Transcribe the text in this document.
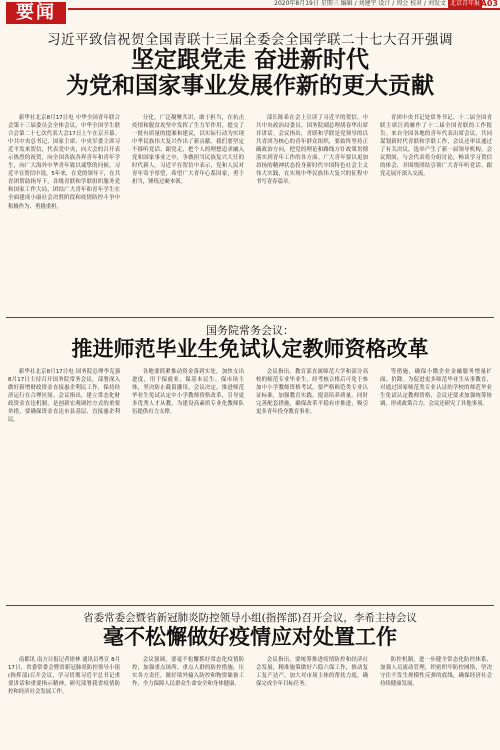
要闻	2020年8月19日 星期三 编辑 / 刘建宇 设计 / 周会 校对 / 刘发文 北京青年报 A03
习近平致信祝贺全国青联十三届全委会全国学联二十七大召开强调
坚定跟党走 奋进新时代
为党和国家事业发展作新的更大贡献

新华社北京8月17日电 中华全国青年联合会第十三届委员会全体会议、中华全国学生联合会第二十七次代表大会17日上午在京开幕。中共中央总书记、国家主席、中央军委主席习近平发来贺信，代表党中央，向大会的召开表示热烈的祝贺，向全国各族各界青年和青年学生，向广大海外中华青年致以诚挚的问候。习近平在贺信中说，5年来，在党的领导下，在共青团帮助指导下，各级青联和学联组织服务党和国家工作大局，团结广大青年和青年学生在全面建成小康社会决胜阶段和疫情防控斗争中积极作为、勇挑重担。

分化，广泛凝聚共识，敢于担当，在抗击疫情和脱贫攻坚中发挥了生力军作用，提交了一批有质量的提案和建议，以实际行动为实现中华民族伟大复兴作出了新贡献。我们要坚定不移听党话、跟党走，把个人的理想追求融入党和国家事业之中，争做担当民族复兴大任的时代新人。习近平在贺信中表示，党和人民对青年寄予厚望，希望广大青年心系国家，勇于担当，锤炼过硬本领。

部长陈希在会上宣读了习近平的贺信。中共中央政治局委员、国务院副总理胡春华出席并讲话。会议指出，青联和学联是党领导的以共青团为核心的青年群众组织，要始终坚持正确政治方向，把党的理论和路线方针政策贯彻落实到青年工作的各方面。广大青年要以更加昂扬的精神状态投身新时代中国特色社会主义伟大实践，在实现中华民族伟大复兴的征程中书写青春篇章。

青团中央书记处常务书记、十二届全国青联主席汪鸿雁作了十二届全国青联的工作报告。来自全国各地的青年代表出席会议，共同谋划新时代青联和学联工作，会议还审议通过了有关决议，选举产生了新一届领导机构。会议期间，与会代表将分组讨论，畅谈学习贺信的体会，并围绕团结引领广大青年听党话、跟党走展开深入交流。

国务院常务会议：
推进师范毕业生免试认定教师资格改革

新华社北京8月17日电 国务院总理李克强8月17日主持召开国务院常务会议，部署深入做好新增财政资金直接惠企利民工作，保持经济运行在合理区间。会议指出，建立常态化财政资金直达机制，是创新宏观调控方式的重要举措，要确保资金直达市县基层、直接惠企利民。

各地要抓紧推动资金落到实处，加快支出进度，用于保就业、保基本民生、保市场主体，坚决防止截留挪用。会议决定，推进师范毕业生免试认定中小学教师资格改革，引导更多优秀人才从教，为建设高素质专业化教师队伍提供有力支撑。

会议指出，教育部直属师范大学和部分高校的师范专业毕业生，经考核合格后可免于参加中小学教师资格考试。要严格师范类专业认证标准，加强教育实践，提高培养质量。同时完善配套措施，确保改革平稳有序推进，吸引更多青年投身教育事业。

等措施，确保小微企业金融服务增量扩面、价降。为促进更多师范毕业生从事教育，对通过国家师范类专业认证的学校的师范毕业生免试认定教师资格，会议还要求加强统筹协调，形成政策合力。会议还研究了其他事项。

省委常委会暨省新冠肺炎防控领导小组(指挥部)召开会议，李希主持会议
毫不松懈做好疫情应对处置工作

南都讯 南方日报记者徐林 通讯员粤宣 8月17日，省委常委会暨省新冠肺炎防控领导小组(指挥部)召开会议，学习贯彻习近平总书记重要讲话和重要指示精神，研究部署我省疫情防控和经济社会发展工作。

会议强调，要毫不松懈抓好常态化疫情防控，加强重点场所、重点人群的防控措施，压实各方责任，做好境外输入防控和物资储备工作，全力保障人民群众生命安全和身体健康。

会议指出，要统筹推进疫情防控和经济社会发展，精准施策做好六稳六保工作，推动复工复产达产，加大对市场主体的帮扶力度，确保完成全年目标任务。

防控机制，进一步健全常态化防控体系，加强人员流动管理，织密织牢防控网络，坚决守住不发生规模性反弹的底线，确保经济社会持续健康发展。
